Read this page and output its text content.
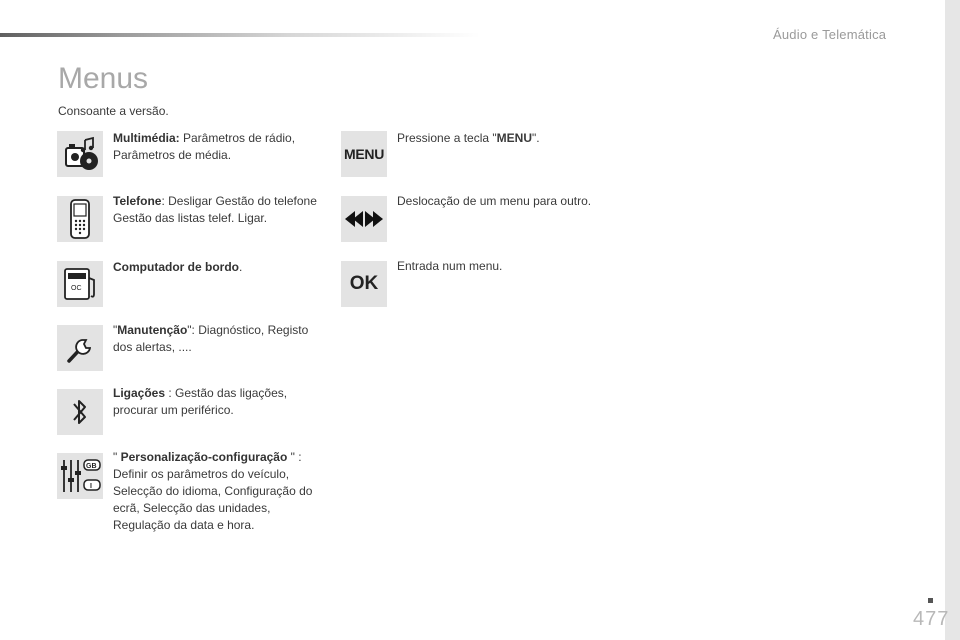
Áudio e Telemática
Menus
Consoante a versão.
Multimédia: Parâmetros de rádio, Parâmetros de média.
Telefone: Desligar Gestão do telefone Gestão das listas telef. Ligar.
OC
Computador de bordo.
"Manutenção": Diagnóstico, Registo dos alertas, ....
Ligações : Gestão das ligações, procurar um periférico.
GB
I
" Personalização-configuração " : Definir os parâmetros do veículo, Selecção do idioma, Configuração do ecrã, Selecção das unidades, Regulação da data e hora.
MENU
Pressione a tecla "MENU".
Deslocação de um menu para outro.
OK
Entrada num menu.
477
